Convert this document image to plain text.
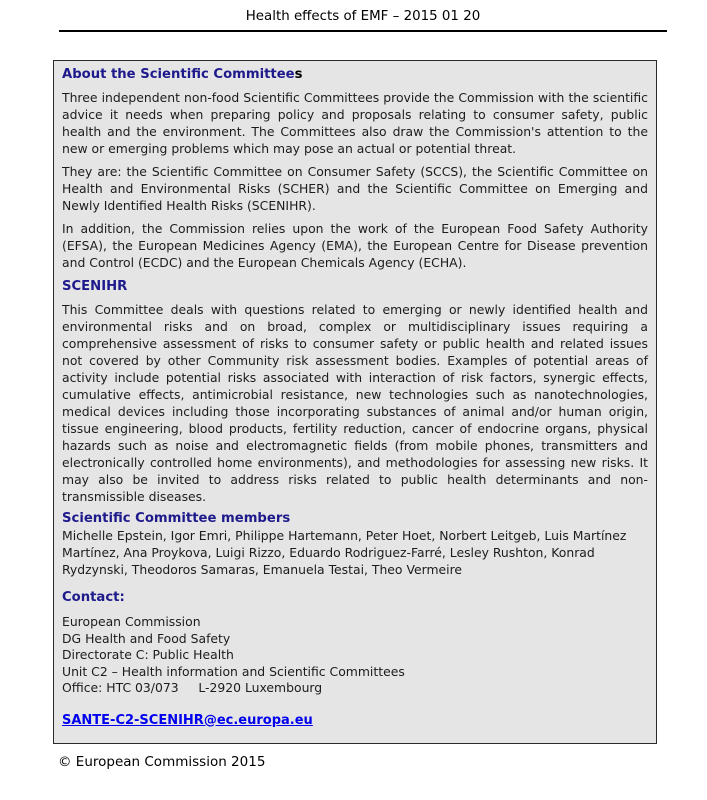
Health effects of EMF – 2015 01 20
About the Scientific Committees

Three independent non-food Scientific Committees provide the Commission with the scientific advice it needs when preparing policy and proposals relating to consumer safety, public health and the environment. The Committees also draw the Commission's attention to the new or emerging problems which may pose an actual or potential threat.

They are: the Scientific Committee on Consumer Safety (SCCS), the Scientific Committee on Health and Environmental Risks (SCHER) and the Scientific Committee on Emerging and Newly Identified Health Risks (SCENIHR).

In addition, the Commission relies upon the work of the European Food Safety Authority (EFSA), the European Medicines Agency (EMA), the European Centre for Disease prevention and Control (ECDC) and the European Chemicals Agency (ECHA).

SCENIHR

This Committee deals with questions related to emerging or newly identified health and environmental risks and on broad, complex or multidisciplinary issues requiring a comprehensive assessment of risks to consumer safety or public health and related issues not covered by other Community risk assessment bodies. Examples of potential areas of activity include potential risks associated with interaction of risk factors, synergic effects, cumulative effects, antimicrobial resistance, new technologies such as nanotechnologies, medical devices including those incorporating substances of animal and/or human origin, tissue engineering, blood products, fertility reduction, cancer of endocrine organs, physical hazards such as noise and electromagnetic fields (from mobile phones, transmitters and electronically controlled home environments), and methodologies for assessing new risks. It may also be invited to address risks related to public health determinants and non-transmissible diseases.

Scientific Committee members

Michelle Epstein, Igor Emri, Philippe Hartemann, Peter Hoet, Norbert Leitgeb, Luis Martínez Martínez, Ana Proykova, Luigi Rizzo, Eduardo Rodriguez-Farré, Lesley Rushton, Konrad Rydzynski, Theodoros Samaras, Emanuela Testai, Theo Vermeire

Contact:
European Commission
DG Health and Food Safety
Directorate C: Public Health
Unit C2 – Health information and Scientific Committees
Office: HTC 03/073     L-2920 Luxembourg
SANTE-C2-SCENIHR@ec.europa.eu
© European Commission 2015
